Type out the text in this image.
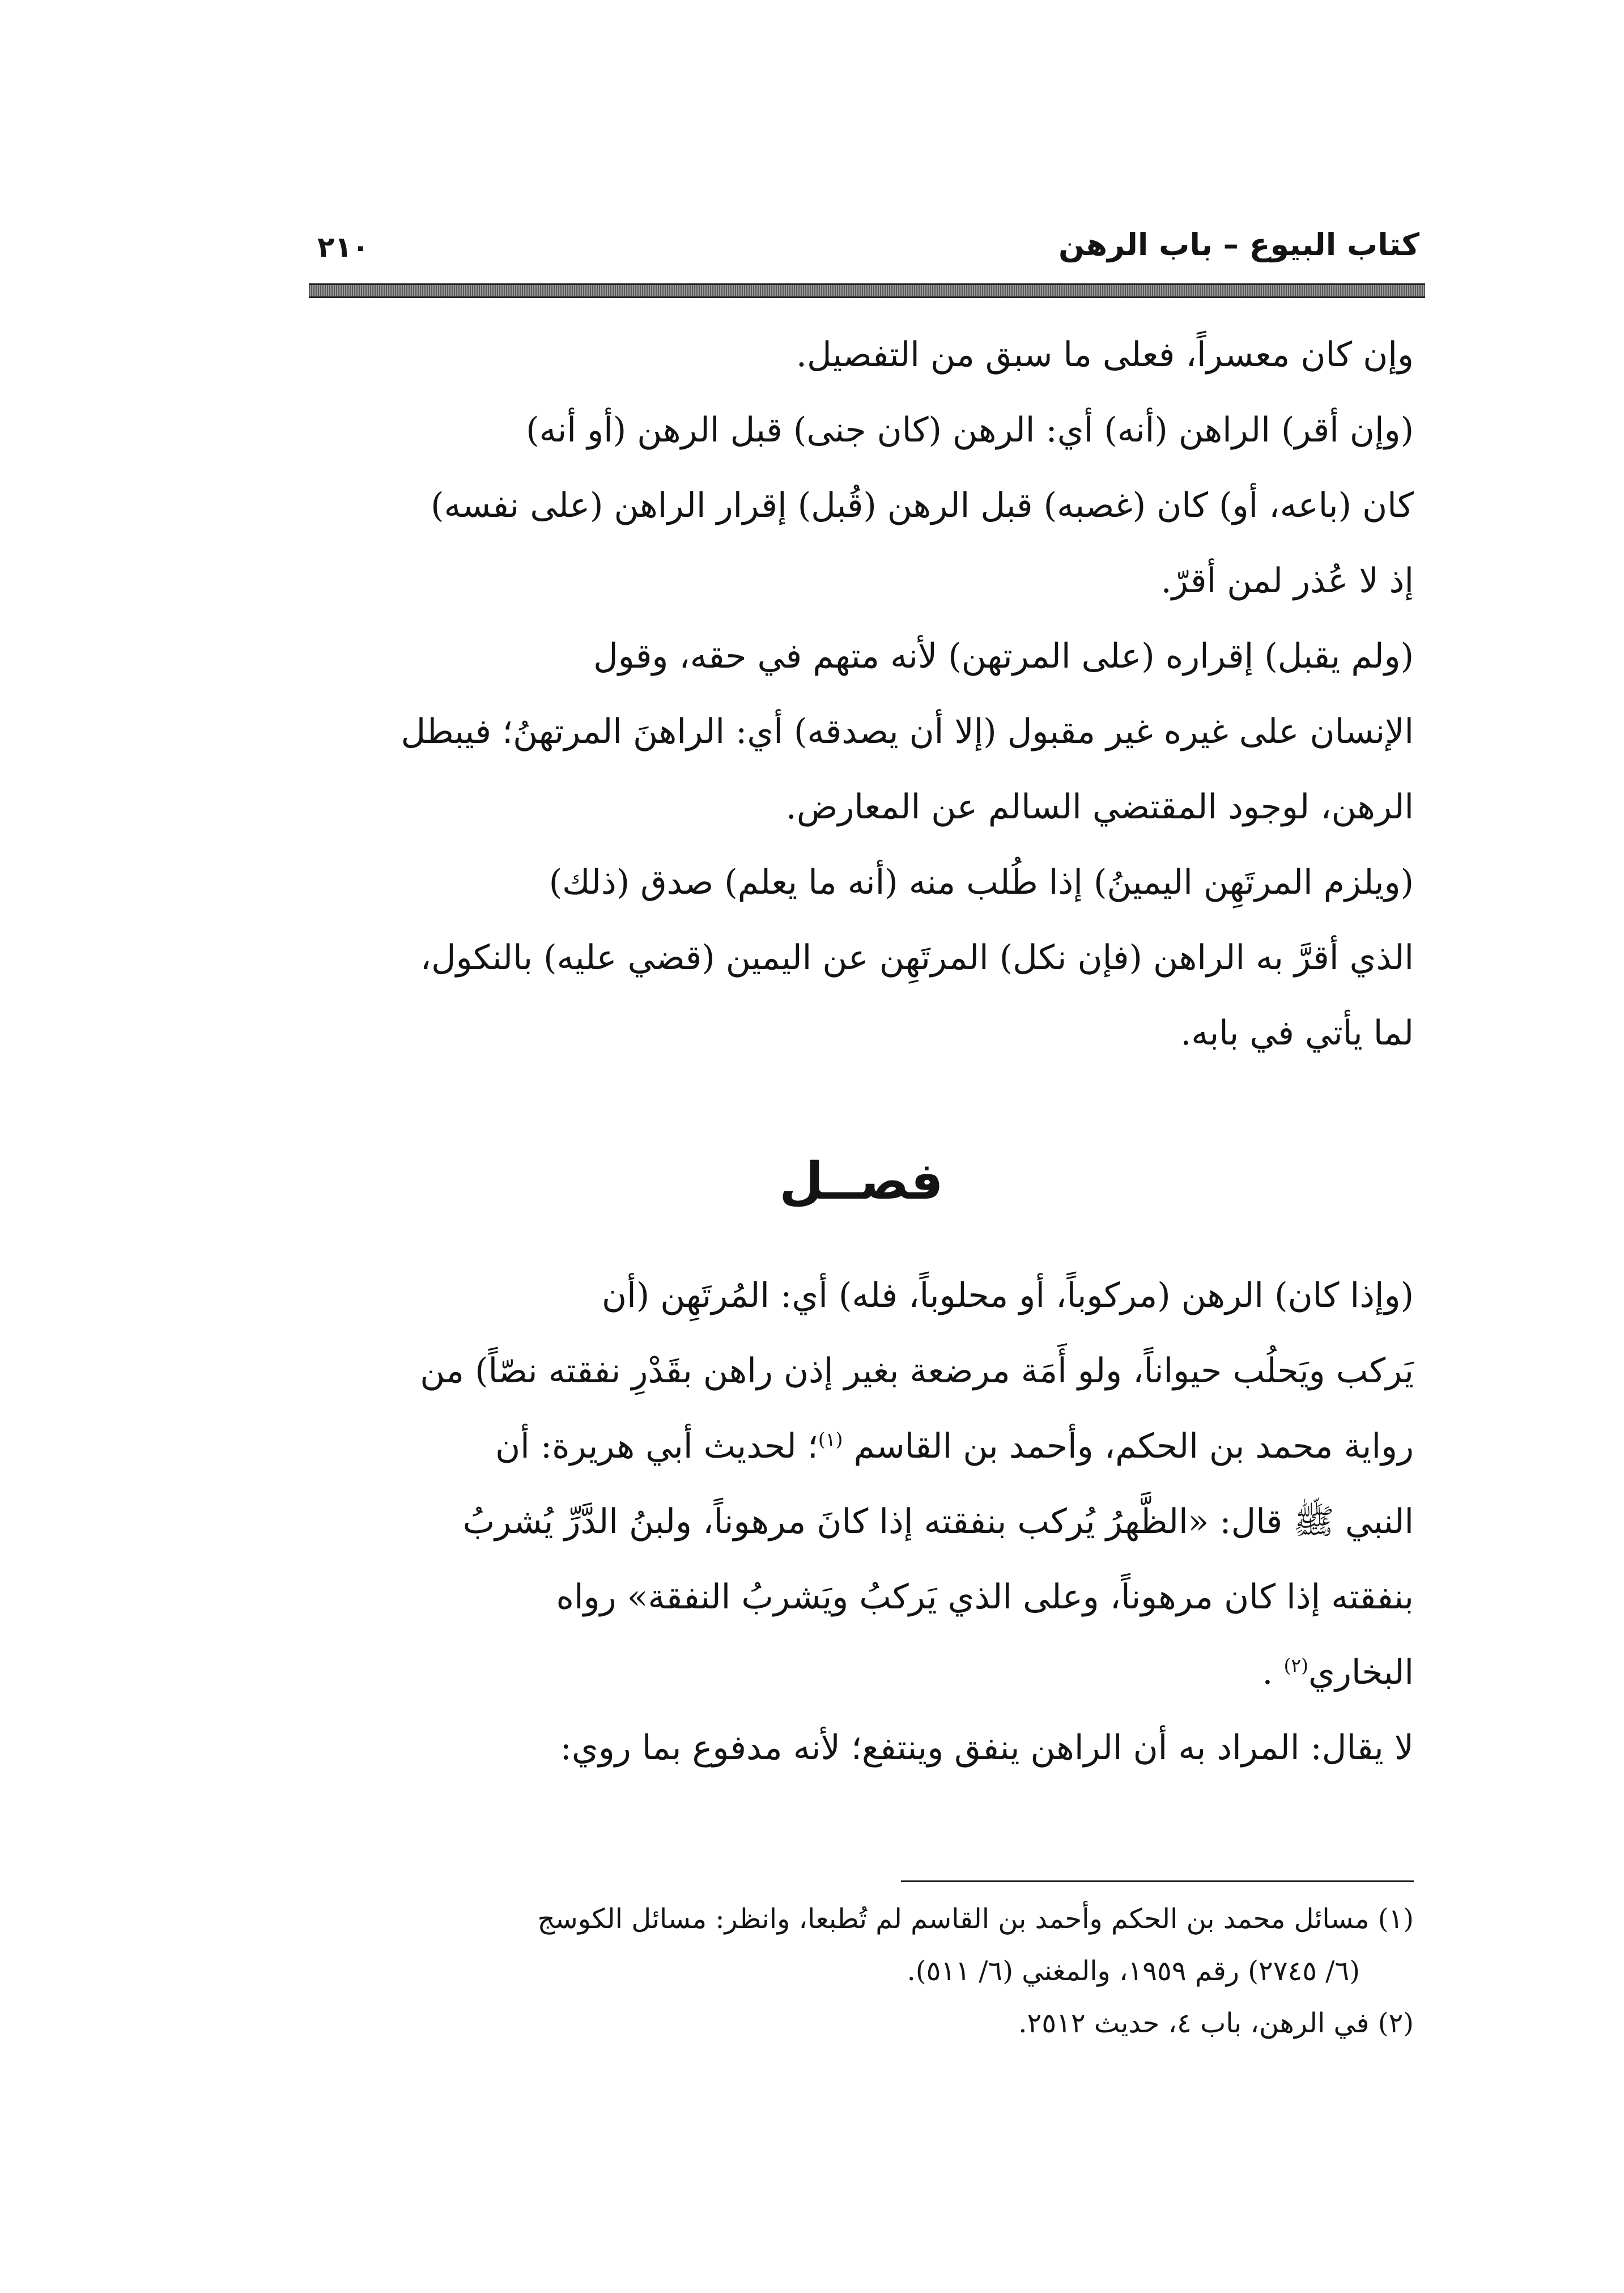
كتاب البيوع – باب الرهن
٢١٠

وإن كان معسراً، فعلى ما سبق من التفصيل.

(وإن أقر) الراهن (أنه) أي: الرهن (كان جنى) قبل الرهن (أو أنه)

كان (باعه، أو) كان (غصبه) قبل الرهن (قُبل) إقرار الراهن (على نفسه)

إذ لا عُذر لمن أقرّ.

(ولم يقبل) إقراره (على المرتهن) لأنه متهم في حقه، وقول

الإنسان على غيره غير مقبول (إلا أن يصدقه) أي: الراهنَ المرتهنُ؛ فيبطل

الرهن، لوجود المقتضي السالم عن المعارض.

(ويلزم المرتَهِن اليمينُ) إذا طُلب منه (أنه ما يعلم) صدق (ذلك)

الذي أقرَّ به الراهن (فإن نكل) المرتَهِن عن اليمين (قضي عليه) بالنكول،

لما يأتي في بابه.

فصــل

(وإذا كان) الرهن (مركوباً، أو محلوباً، فله) أي: المُرتَهِن (أن

يَركب ويَحلُب حيواناً، ولو أَمَة مرضعة بغير إذن راهن بقَدْرِ نفقته نصّاً) من

رواية محمد بن الحكم، وأحمد بن القاسم $^{(١)}$؛ لحديث أبي هريرة: أن

النبي ﷺ قال: «الظَّهرُ يُركب بنفقته إذا كانَ مرهوناً، ولبنُ الدَّرِّ يُشربُ

بنفقته إذا كان مرهوناً، وعلى الذي يَركبُ ويَشربُ النفقة» رواه

البخاري$^{(٢)}$ .

لا يقال: المراد به أن الراهن ينفق وينتفع؛ لأنه مدفوع بما روي:

(١) مسائل محمد بن الحكم وأحمد بن القاسم لم تُطبعا، وانظر: مسائل الكوسج

(٦/ ٢٧٤٥) رقم ١٩٥٩، والمغني (٦/ ٥١١).

(٢) في الرهن، باب ٤، حديث ٢٥١٢.
